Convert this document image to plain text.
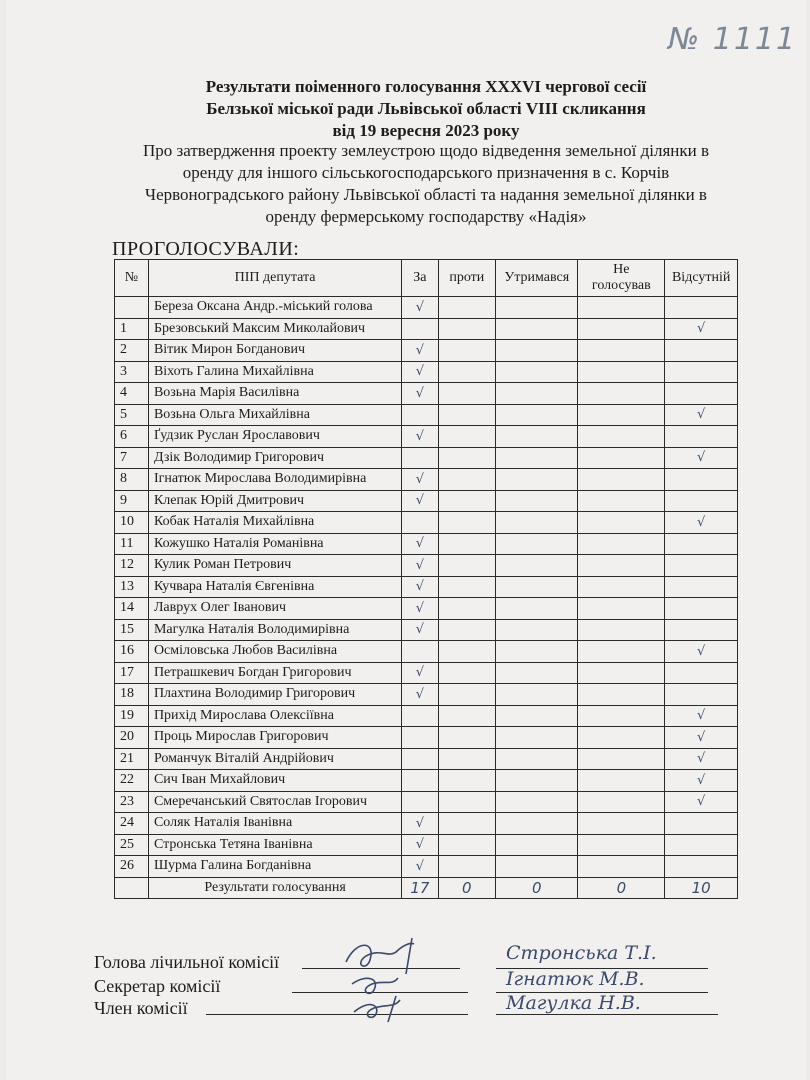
№ 1111
Результати поіменного голосування XXXVI чергової сесії
Белзької міської ради Львівської області VIII скликання
від 19 вересня 2023 року
Про затвердження проекту землеустрою щодо відведення земельної ділянки в
оренду для іншого сільськогосподарського призначення в с. Корчів
Червоноградського району Львівської області та надання земельної ділянки в
оренду фермерському господарству «Надія»
ПРОГОЛОСУВАЛИ:
№	ПІП депутата	За	проти	Утримався	Не голосував	Відсутній
	Береза Оксана Андр.-міський голова	√				
1	Брезовський Максим Миколайович					√
2	Вітик Мирон Богданович	√				
3	Віхоть Галина Михайлівна	√				
4	Возьна Марія Василівна	√				
5	Возьна Ольга Михайлівна					√
6	Ґудзик Руслан Ярославович	√				
7	Дзік Володимир Григорович					√
8	Ігнатюк Мирослава Володимирівна	√				
9	Клепак Юрій Дмитрович	√				
10	Кобак Наталія Михайлівна					√
11	Кожушко Наталія Романівна	√				
12	Кулик Роман Петрович	√				
13	Кучвара Наталія Євгенівна	√				
14	Лаврух Олег Іванович	√				
15	Магулка Наталія Володимирівна	√				
16	Осміловська Любов Василівна					√
17	Петрашкевич Богдан Григорович	√				
18	Плахтина Володимир Григорович	√				
19	Прихід Мирослава Олексіївна					√
20	Проць Мирослав Григорович					√
21	Романчук Віталій Андрійович					√
22	Сич Іван Михайлович					√
23	Смеречанський Святослав Ігорович					√
24	Соляк Наталія Іванівна	√				
25	Стронська Тетяна Іванівна	√				
26	Шурма Галина Богданівна	√				
	Результати голосування	17	0	0	0	10
Голова лічильної комісії	Стронська Т.І.
Секретар комісії	Ігнатюк М.В.
Член комісії	Магулка Н.В.
